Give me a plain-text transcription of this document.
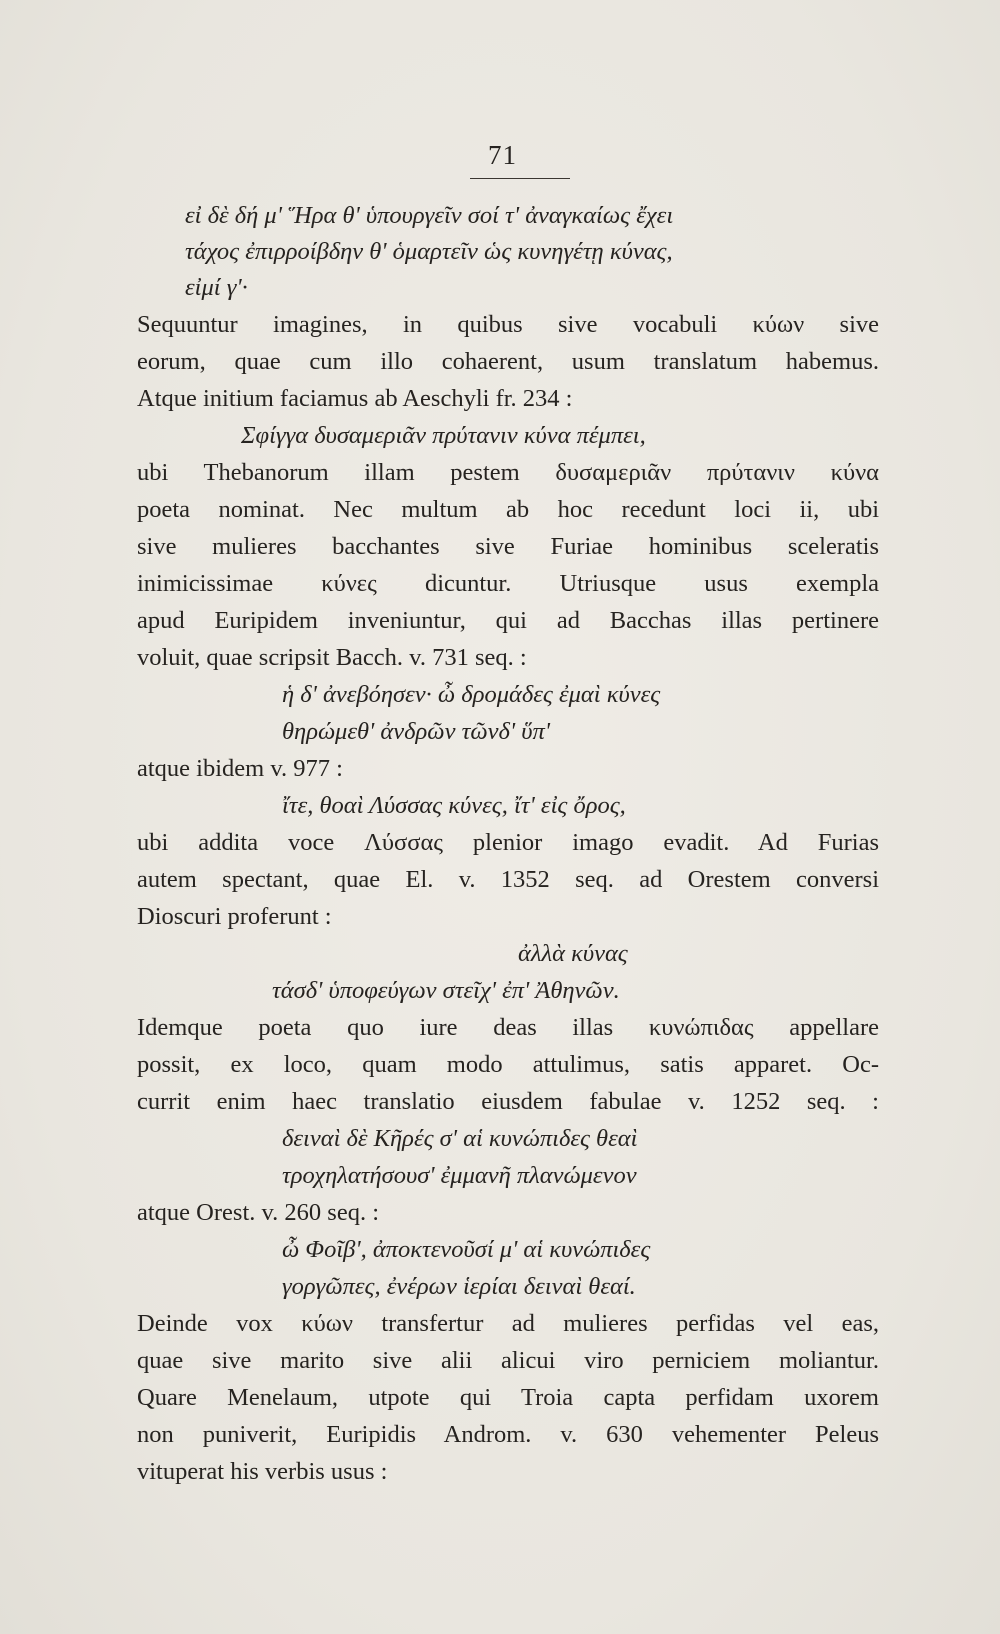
71
εἰ δὲ δή μ' Ἥρα θ' ὑπουργεῖν σοί τ' ἀναγκαίως ἔχει
τάχος ἐπιρροίβδην θ' ὁμαρτεῖν ὡς κυνηγέτῃ κύνας,
εἰμί γ'·
Sequuntur imagines, in quibus sive vocabuli κύων sive
eorum, quae cum illo cohaerent, usum translatum habemus.
Atque initium faciamus ab Aeschyli fr. 234 :
Σφίγγα δυσαμεριᾶν πρύτανιν κύνα πέμπει,
ubi Thebanorum illam pestem δυσαμεριᾶν πρύτανιν κύνα
poeta nominat. Nec multum ab hoc recedunt loci ii, ubi
sive mulieres bacchantes sive Furiae hominibus sceleratis
inimicissimae κύνες dicuntur. Utriusque usus exempla
apud Euripidem inveniuntur, qui ad Bacchas illas pertinere
voluit, quae scripsit Bacch. v. 731 seq. :
ἡ δ' ἀνεβόησεν· ὦ δρομάδες ἐμαὶ κύνες
θηρώμεθ' ἀνδρῶν τῶνδ' ὕπ'
atque ibidem v. 977 :
ἴτε, θοαὶ Λύσσας κύνες, ἴτ' εἰς ὄρος,
ubi addita voce Λύσσας plenior imago evadit. Ad Furias
autem spectant, quae El. v. 1352 seq. ad Orestem conversi
Dioscuri proferunt :
ἀλλὰ κύνας
τάσδ' ὑποφεύγων στεῖχ' ἐπ' Ἀθηνῶν.
Idemque poeta quo iure deas illas κυνώπιδας appellare
possit, ex loco, quam modo attulimus, satis apparet. Oc-
currit enim haec translatio eiusdem fabulae v. 1252 seq. :
δειναὶ δὲ Κῆρές σ' αἱ κυνώπιδες θεαὶ
τροχηλατήσουσ' ἐμμανῆ πλανώμενον
atque Orest. v. 260 seq. :
ὦ Φοῖβ', ἀποκτενοῦσί μ' αἱ κυνώπιδες
γοργῶπες, ἐνέρων ἱερίαι δειναὶ θεαί.
Deinde vox κύων transfertur ad mulieres perfidas vel eas,
quae sive marito sive alii alicui viro perniciem moliantur.
Quare Menelaum, utpote qui Troia capta perfidam uxorem
non puniverit, Euripidis Androm. v. 630 vehementer Peleus
vituperat his verbis usus :
